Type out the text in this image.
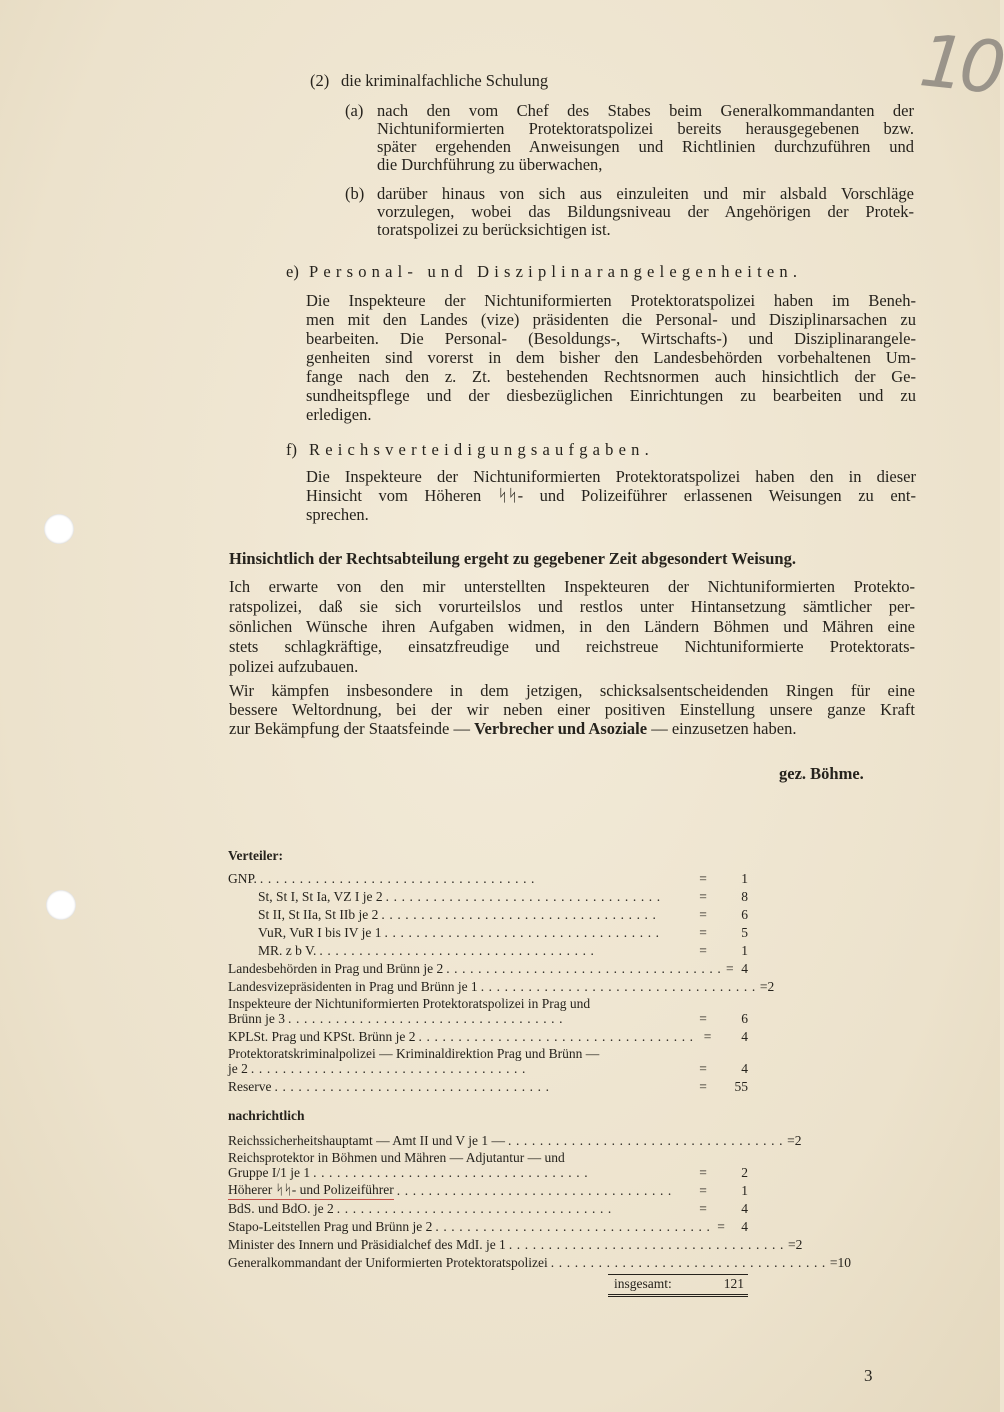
10
(2) die kriminalfachliche Schulung
(a) nach den vom Chef des Stabes beim Generalkommandanten der
Nichtuniformierten Protektoratspolizei bereits herausgegebenen bzw.
später ergehenden Anweisungen und Richtlinien durchzuführen und
die Durchführung zu überwachen,
(b) darüber hinaus von sich aus einzuleiten und mir alsbald Vorschläge
vorzulegen, wobei das Bildungsniveau der Angehörigen der Protek-
toratspolizei zu berücksichtigen ist.
e) Personal- und Disziplinarangelegenheiten.
Die Inspekteure der Nichtuniformierten Protektoratspolizei haben im Beneh-
men mit den Landes (vize) präsidenten die Personal- und Disziplinarsachen zu
bearbeiten. Die Personal- (Besoldungs-, Wirtschafts-) und Disziplinarangele-
genheiten sind vorerst in dem bisher den Landesbehörden vorbehaltenen Um-
fange nach den z. Zt. bestehenden Rechtsnormen auch hinsichtlich der Ge-
sundheitspflege und der diesbezüglichen Einrichtungen zu bearbeiten und zu
erledigen.
f) Reichsverteidigungsaufgaben.
Die Inspekteure der Nichtuniformierten Protektoratspolizei haben den in dieser
Hinsicht vom Höheren ᛋᛋ- und Polizeiführer erlassenen Weisungen zu ent-
sprechen.
Hinsichtlich der Rechtsabteilung ergeht zu gegebener Zeit abgesondert Weisung.
Ich erwarte von den mir unterstellten Inspekteuren der Nichtuniformierten Protekto-
ratspolizei, daß sie sich vorurteilslos und restlos unter Hintansetzung sämtlicher per-
sönlichen Wünsche ihren Aufgaben widmen, in den Ländern Böhmen und Mähren eine
stets schlagkräftige, einsatzfreudige und reichstreue Nichtuniformierte Protektorats-
polizei aufzubauen.
Wir kämpfen insbesondere in dem jetzigen, schicksalsentscheidenden Ringen für eine
bessere Weltordnung, bei der wir neben einer positiven Einstellung unsere ganze Kraft
zur Bekämpfung der Staatsfeinde — Verbrecher und Asoziale — einzusetzen haben.
gez. Böhme.
Verteiler:
GNP. ...................................	=	1
St, St I, St Ia, VZ I je 2 ...................................	=	8
St II, St IIa, St IIb je 2 ...................................	=	6
VuR, VuR I bis IV je 1 ...................................	=	5
MR. z b V. ...................................	=	1
Landesbehörden in Prag und Brünn je 2 ................................... = 4
Landesvizepräsidenten in Prag und Brünn je 1 ................................... = 2
Inspekteure der Nichtuniformierten Protektoratspolizei in Prag und
Brünn je 3 ...................................	=	6
KPLSt. Prag und KPSt. Brünn je 2 ................................... =	4
Protektoratskriminalpolizei — Kriminaldirektion Prag und Brünn —
je 2 ...................................	=	4
Reserve ...................................	=	55
nachrichtlich
Reichssicherheitshauptamt — Amt II und V je 1 — ................................... = 2
Reichsprotektor in Böhmen und Mähren — Adjutantur — und
Gruppe I/1 je 1 ...................................	=	2
Höherer ᛋᛋ- und Polizeiführer ...................................	=	1
BdS. und BdO. je 2 ...................................	=	4
Stapo-Leitstellen Prag und Brünn je 2 ................................... =	4
Minister des Innern und Präsidialchef des MdI. je 1 ................................... = 2
Generalkommandant der Uniformierten Protektoratspolizei ................................... = 10
insgesamt:	121
3
